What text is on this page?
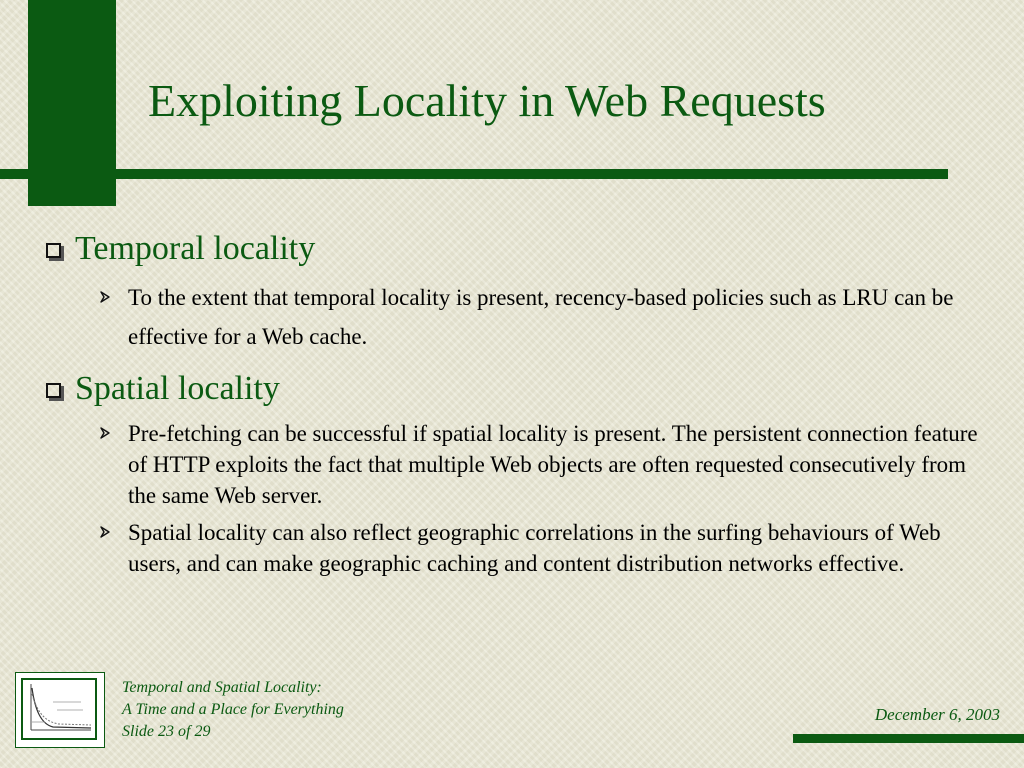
Exploiting Locality in Web Requests
Temporal locality
To the extent that temporal locality is present, recency-based policies such as LRU can be effective for a Web cache.
Spatial locality
Pre-fetching can be successful if spatial locality is present. The persistent connection feature of HTTP exploits the fact that multiple Web objects are often requested consecutively from the same Web server.
Spatial locality can also reflect geographic correlations in the surfing behaviours of Web users, and can make geographic caching and content distribution networks effective.
Temporal and Spatial Locality:
A Time and a Place for Everything
Slide 23 of 29
December 6, 2003
